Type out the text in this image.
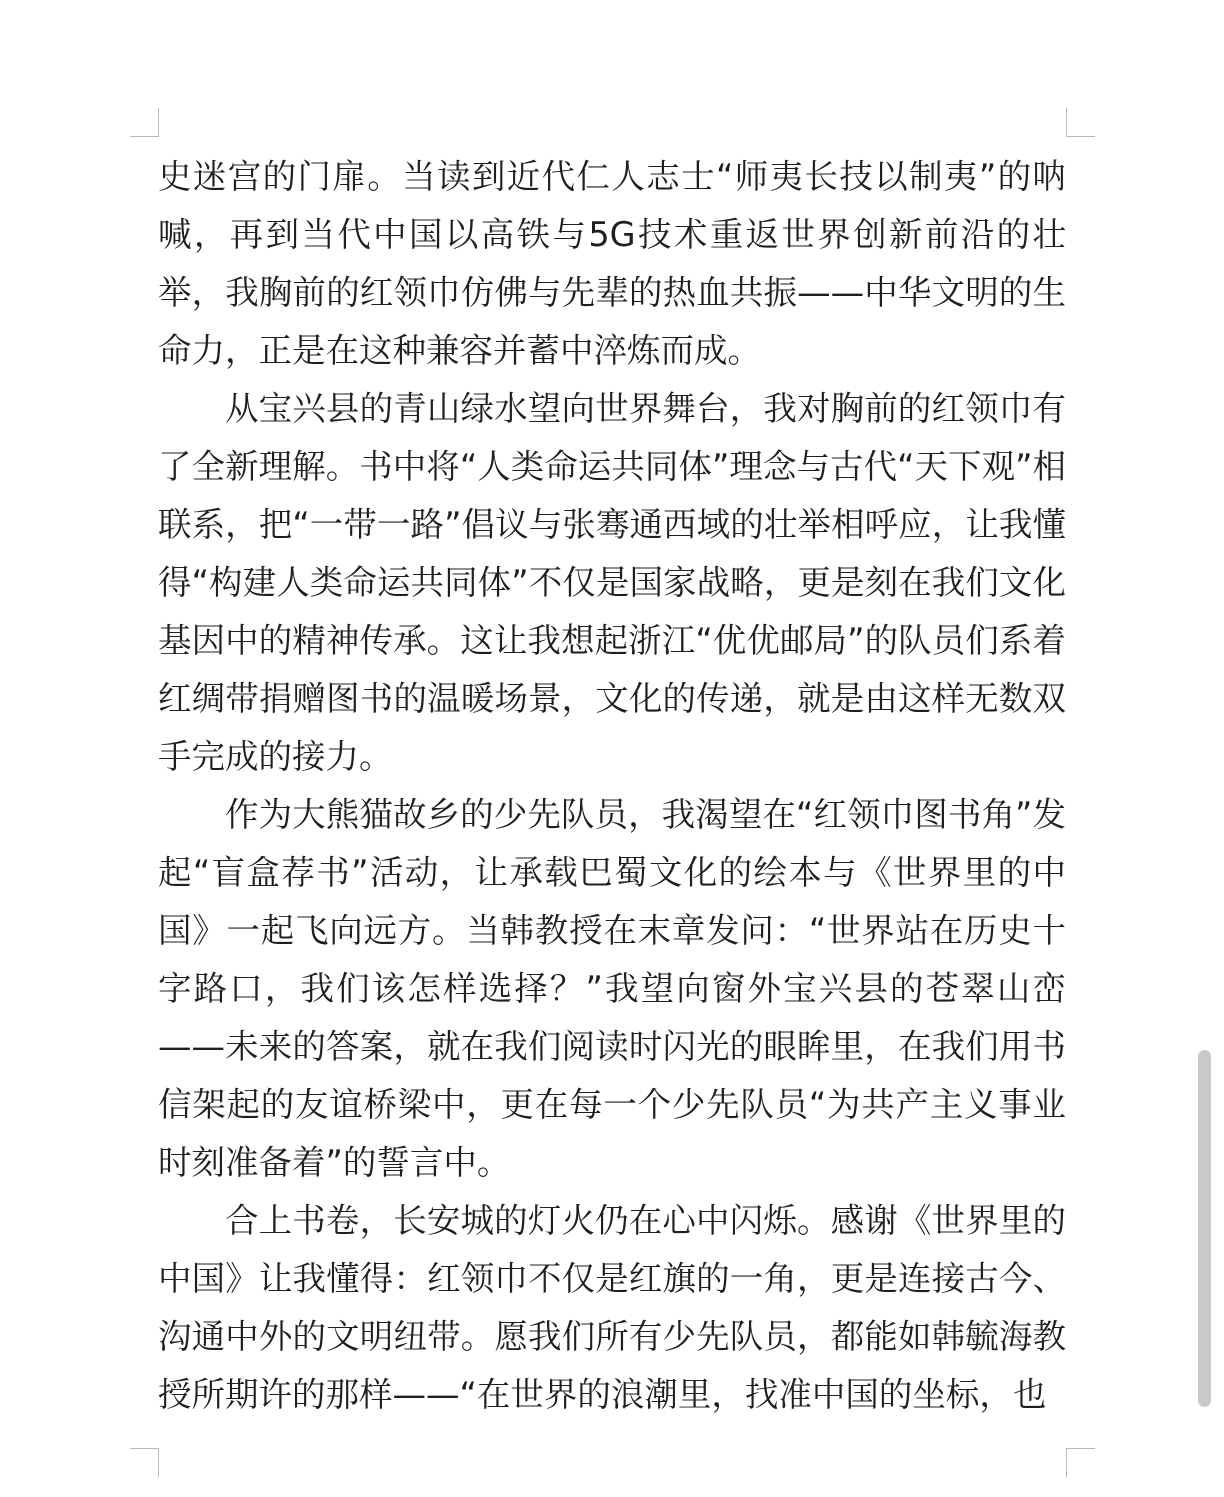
史迷宫的门扉。当读到近代仁人志士“师夷长技以制夷”的呐喊，再到当代中国以高铁与5G技术重返世界创新前沿的壮举，我胸前的红领巾仿佛与先辈的热血共振——中华文明的生命力，正是在这种兼容并蓄中淬炼而成。

从宝兴县的青山绿水望向世界舞台，我对胸前的红领巾有了全新理解。书中将“人类命运共同体”理念与古代“天下观”相联系，把“一带一路”倡议与张骞通西域的壮举相呼应，让我懂得“构建人类命运共同体”不仅是国家战略，更是刻在我们文化基因中的精神传承。这让我想起浙江“优优邮局”的队员们系着红绸带捐赠图书的温暖场景，文化的传递，就是由这样无数双手完成的接力。

作为大熊猫故乡的少先队员，我渴望在“红领巾图书角”发起“盲盒荐书”活动，让承载巴蜀文化的绘本与《世界里的中国》一起飞向远方。当韩教授在末章发问：“世界站在历史十字路口，我们该怎样选择？”我望向窗外宝兴县的苍翠山峦——未来的答案，就在我们阅读时闪光的眼眸里，在我们用书信架起的友谊桥梁中，更在每一个少先队员“为共产主义事业时刻准备着”的誓言中。

合上书卷，长安城的灯火仍在心中闪烁。感谢《世界里的中国》让我懂得：红领巾不仅是红旗的一角，更是连接古今、沟通中外的文明纽带。愿我们所有少先队员，都能如韩毓海教授所期许的那样——“在世界的浪潮里，找准中国的坐标，也
